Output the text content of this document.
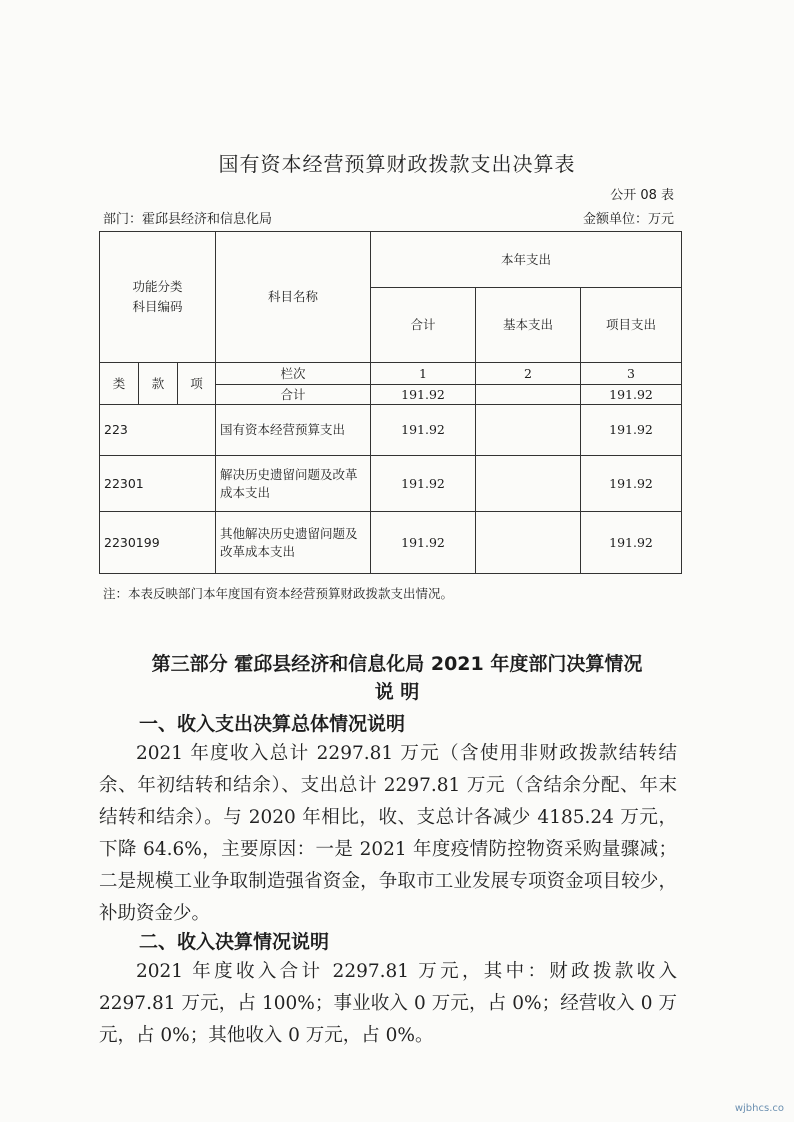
国有资本经营预算财政拨款支出决算表
公开 08 表
部门：霍邱县经济和信息化局	金额单位：万元
功能分类
科目编码			科目名称	本年支出		
				合计	基本支出	项目支出
类	款	项	栏次	1	2	3
			合计	191.92		191.92
223			国有资本经营预算支出	191.92		191.92
22301			解决历史遗留问题及改革成本支出	191.92		191.92
2230199			其他解决历史遗留问题及改革成本支出	191.92		191.92
注：本表反映部门本年度国有资本经营预算财政拨款支出情况。
第三部分 霍邱县经济和信息化局 2021 年度部门决算情况
说 明
一、收入支出决算总体情况说明
2021 年度收入总计 2297.81 万元（含使用非财政拨款结转结余、年初结转和结余）、支出总计 2297.81 万元（含结余分配、年末结转和结余）。与 2020 年相比，收、支总计各减少 4185.24 万元，下降 64.6%，主要原因：一是 2021 年度疫情防控物资采购量骤减；二是规模工业争取制造强省资金，争取市工业发展专项资金项目较少，补助资金少。
二、收入决算情况说明
2021 年度收入合计 2297.81 万元，其中：财政拨款收入 2297.81 万元，占 100%；事业收入 0 万元，占 0%；经营收入 0 万元，占 0%；其他收入 0 万元，占 0%。
wjbhcs.co
